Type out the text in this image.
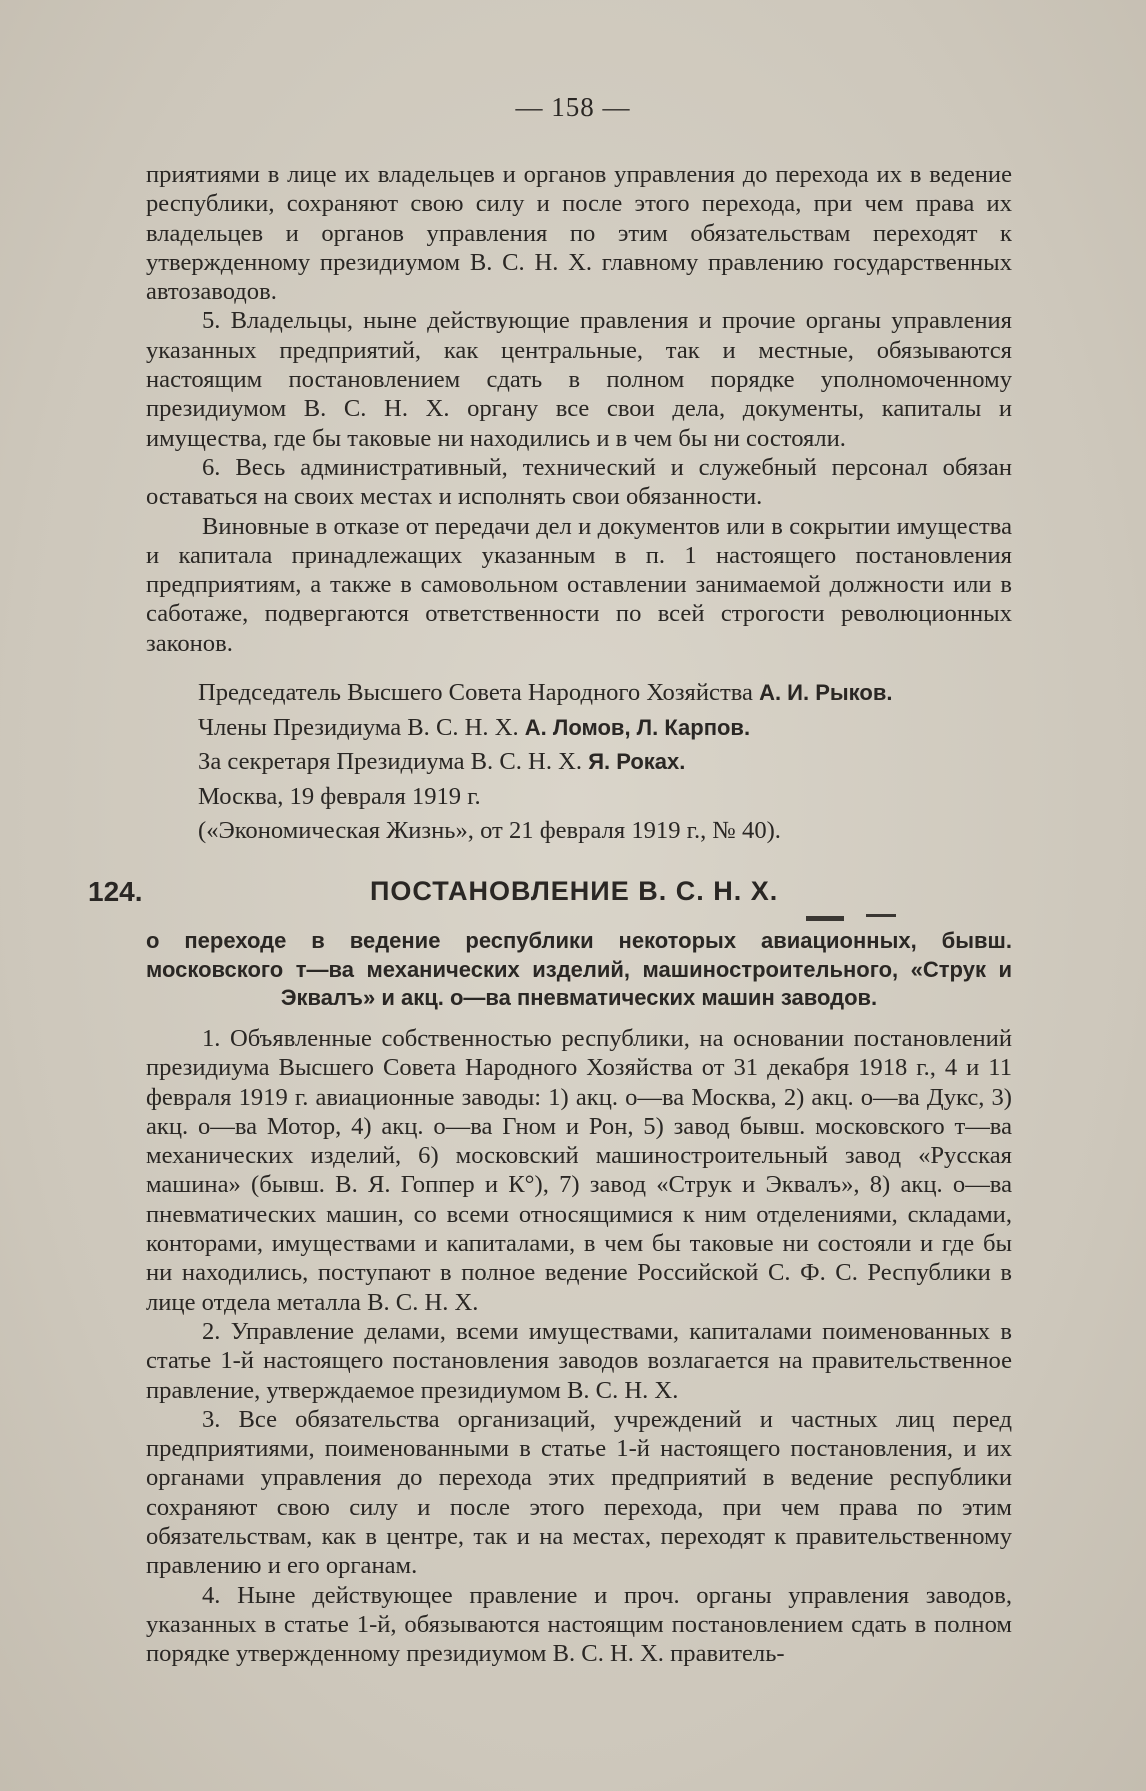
— 158 —

приятиями в лице их владельцев и органов управления до перехода их в ведение республики, сохраняют свою силу и после этого перехода, при чем права их владельцев и органов управления по этим обязательствам переходят к утвержденному президиумом В. С. Н. Х. главному правлению государственных автозаводов.

5. Владельцы, ныне действующие правления и прочие органы управления указанных предприятий, как центральные, так и местные, обязываются настоящим постановлением сдать в полном порядке уполномоченному президиумом В. С. Н. Х. органу все свои дела, документы, капиталы и имущества, где бы таковые ни находились и в чем бы ни состояли.

6. Весь административный, технический и служебный персонал обязан оставаться на своих местах и исполнять свои обязанности.

Виновные в отказе от передачи дел и документов или в сокрытии имущества и капитала принадлежащих указанным в п. 1 настоящего постановления предприятиям, а также в самовольном оставлении занимаемой должности или в саботаже, подвергаются ответственности по всей строгости революционных законов.

Председатель Высшего Совета Народного Хозяйства А. И. Рыков.
Члены Президиума В. С. Н. Х. А. Ломов, Л. Карпов.
За секретаря Президиума В. С. Н. Х. Я. Роках.
Москва, 19 февраля 1919 г.
(«Экономическая Жизнь», от 21 февраля 1919 г., № 40).
124.	ПОСТАНОВЛЕНИЕ В. С. Н. Х.
о переходе в ведение республики некоторых авиационных, бывш. московского т—ва механических изделий, машиностроительного, «Струк и Эквалъ» и акц. о—ва пневматических машин заводов.

1. Объявленные собственностью республики, на основании постановлений президиума Высшего Совета Народного Хозяйства от 31 декабря 1918 г., 4 и 11 февраля 1919 г. авиационные заводы: 1) акц. о—ва Москва, 2) акц. о—ва Дукс, 3) акц. о—ва Мотор, 4) акц. о—ва Гном и Рон, 5) завод бывш. московского т—ва механических изделий, 6) московский машиностроительный завод «Русская машина» (бывш. В. Я. Гоппер и К°), 7) завод «Струк и Эквалъ», 8) акц. о—ва пневматических машин, со всеми относящимися к ним отделениями, складами, конторами, имуществами и капиталами, в чем бы таковые ни состояли и где бы ни находились, поступают в полное ведение Российской С. Ф. С. Республики в лице отдела металла В. С. Н. Х.

2. Управление делами, всеми имуществами, капиталами поименованных в статье 1-й настоящего постановления заводов возлагается на правительственное правление, утверждаемое президиумом В. С. Н. Х.

3. Все обязательства организаций, учреждений и частных лиц перед предприятиями, поименованными в статье 1-й настоящего постановления, и их органами управления до перехода этих предприятий в ведение республики сохраняют свою силу и после этого перехода, при чем права по этим обязательствам, как в центре, так и на местах, переходят к правительственному правлению и его органам.

4. Ныне действующее правление и проч. органы управления заводов, указанных в статье 1-й, обязываются настоящим постановлением сдать в полном порядке утвержденному президиумом В. С. Н. Х. правитель-
